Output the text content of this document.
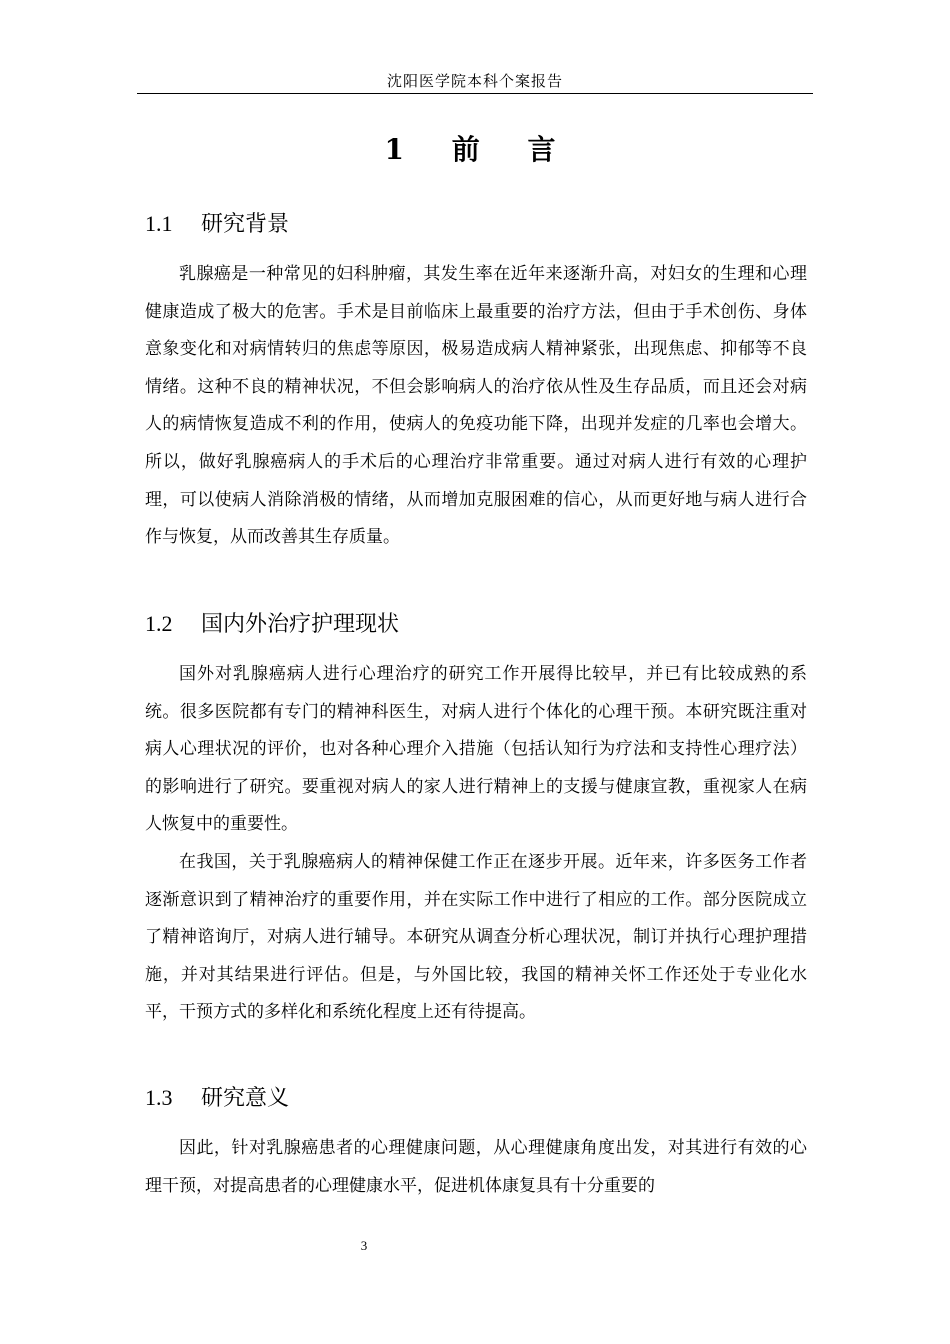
沈阳医学院本科个案报告
1 前 言
1.1 研究背景
乳腺癌是一种常见的妇科肿瘤，其发生率在近年来逐渐升高，对妇女的生理和心理健康造成了极大的危害。手术是目前临床上最重要的治疗方法，但由于手术创伤、身体意象变化和对病情转归的焦虑等原因，极易造成病人精神紧张，出现焦虑、抑郁等不良情绪。这种不良的精神状况，不但会影响病人的治疗依从性及生存品质，而且还会对病人的病情恢复造成不利的作用，使病人的免疫功能下降，出现并发症的几率也会增大。所以，做好乳腺癌病人的手术后的心理治疗非常重要。通过对病人进行有效的心理护理，可以使病人消除消极的情绪，从而增加克服困难的信心，从而更好地与病人进行合作与恢复，从而改善其生存质量。
1.2 国内外治疗护理现状
国外对乳腺癌病人进行心理治疗的研究工作开展得比较早，并已有比较成熟的系统。很多医院都有专门的精神科医生，对病人进行个体化的心理干预。本研究既注重对病人心理状况的评价，也对各种心理介入措施（包括认知行为疗法和支持性心理疗法）的影响进行了研究。要重视对病人的家人进行精神上的支援与健康宣教，重视家人在病人恢复中的重要性。
在我国，关于乳腺癌病人的精神保健工作正在逐步开展。近年来，许多医务工作者逐渐意识到了精神治疗的重要作用，并在实际工作中进行了相应的工作。部分医院成立了精神谘询厅，对病人进行辅导。本研究从调查分析心理状况，制订并执行心理护理措施，并对其结果进行评估。但是，与外国比较，我国的精神关怀工作还处于专业化水平，干预方式的多样化和系统化程度上还有待提高。
1.3 研究意义
因此，针对乳腺癌患者的心理健康问题，从心理健康角度出发，对其进行有效的心理干预，对提高患者的心理健康水平，促进机体康复具有十分重要的
3
